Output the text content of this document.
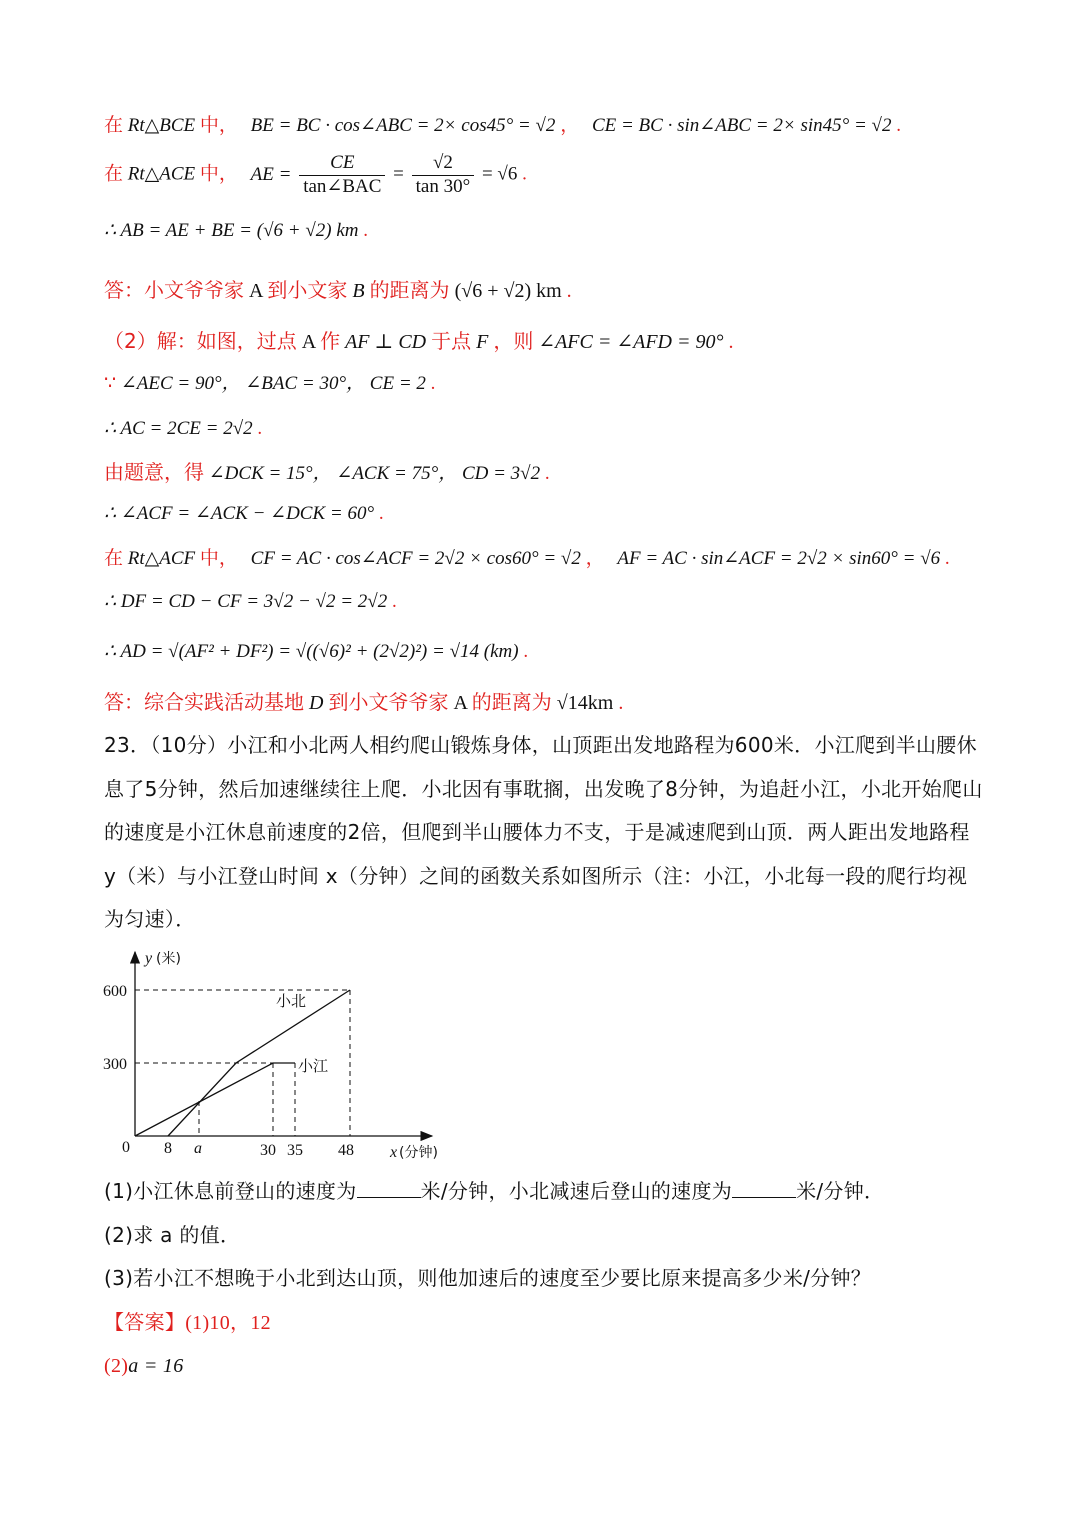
在 Rt△BCE 中， BE = BC · cos∠ABC = 2× cos45° = √2 ， CE = BC · sin∠ABC = 2× sin45° = √2 .
在 Rt△ACE 中， AE = $\frac{CE}{\text{tan∠BAC}} = \frac{√2}{\tan 30^\circ} = √6$ .
∴ AB = AE + BE = (√6 + √2) km .
答：小文爷爷家 A 到小文家 B 的距离为 (√6 + √2) km .
（2）解：如图，过点 A 作 AF ⊥ CD 于点 F ，则 ∠AFC = ∠AFD = 90° .
∵ ∠AEC = 90°， ∠BAC = 30°， CE = 2 .
∴ AC = 2CE = 2√2 .
由题意，得 ∠DCK = 15°， ∠ACK = 75°， CD = 3√2 .
∴ ∠ACF = ∠ACK − ∠DCK = 60° .
在 Rt△ACF 中， CF = AC · cos∠ACF = 2√2 × cos60° = √2 ， AF = AC · sin∠ACF = 2√2 × sin60° = √6 .
∴ DF = CD − CF = 3√2 − √2 = 2√2 .
∴ AD = √(AF² + DF²) = √((√6)² + (2√2)²) = √14 (km) .
答：综合实践活动基地 D 到小文爷爷家 A 的距离为 √14km .
23．（10分）小江和小北两人相约爬山锻炼身体，山顶距出发地路程为600米．小江爬到半山腰休息了5分钟，然后加速继续往上爬．小北因有事耽搁，出发晚了8分钟，为追赶小江，小北开始爬山的速度是小江休息前速度的2倍，但爬到半山腰体力不支，于是减速爬到山顶．两人距出发地路程 y（米）与小江登山时间 x（分钟）之间的函数关系如图所示（注：小江，小北每一段的爬行均视为匀速）．
y (米)
600
300
0 8 a	30 35 48 x (分钟)
小北
小江
(1)小江休息前登山的速度为	米/分钟，小北减速后登山的速度为	米/分钟．
(2)求 a 的值．
(3)若小江不想晚于小北到达山顶，则他加速后的速度至少要比原来提高多少米/分钟？
【答案】(1)10，12
(2)a = 16
